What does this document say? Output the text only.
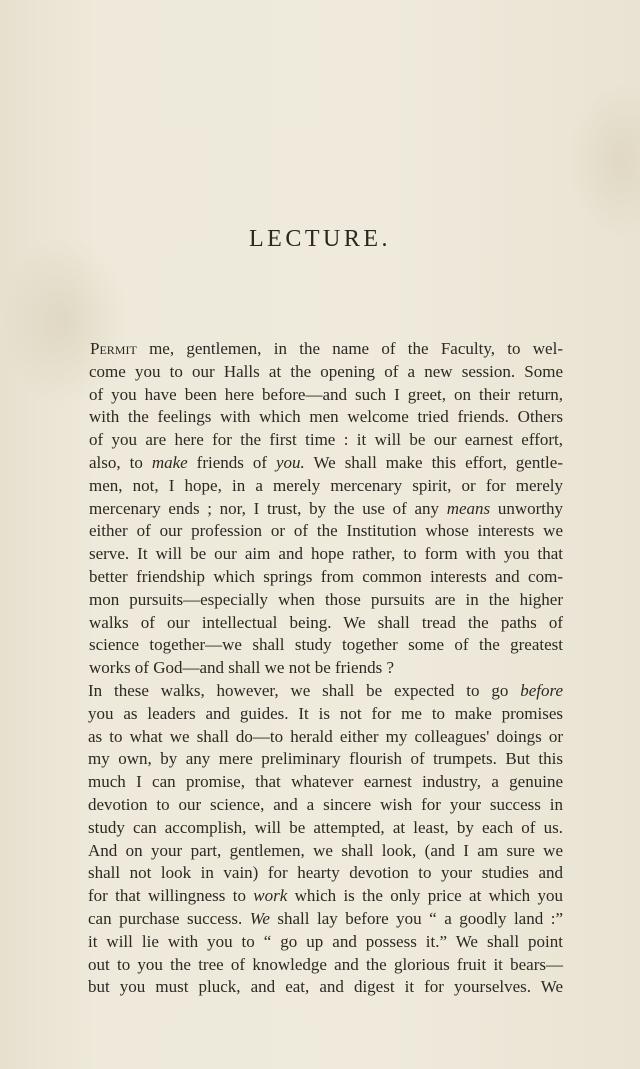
LECTURE.
Permit me, gentlemen, in the name of the Faculty, to wel-
come you to our Halls at the opening of a new session. Some
of you have been here before—and such I greet, on their return,
with the feelings with which men welcome tried friends. Others
of you are here for the first time : it will be our earnest effort,
also, to make friends of you. We shall make this effort, gentle-
men, not, I hope, in a merely mercenary spirit, or for merely
mercenary ends ; nor, I trust, by the use of any means unworthy
either of our profession or of the Institution whose interests we
serve. It will be our aim and hope rather, to form with you that
better friendship which springs from common interests and com-
mon pursuits—especially when those pursuits are in the higher
walks of our intellectual being. We shall tread the paths of
science together—we shall study together some of the greatest
works of God—and shall we not be friends ?
In these walks, however, we shall be expected to go before
you as leaders and guides. It is not for me to make promises
as to what we shall do—to herald either my colleagues' doings or
my own, by any mere preliminary flourish of trumpets. But this
much I can promise, that whatever earnest industry, a genuine
devotion to our science, and a sincere wish for your success in
study can accomplish, will be attempted, at least, by each of us.
And on your part, gentlemen, we shall look, (and I am sure we
shall not look in vain) for hearty devotion to your studies and
for that willingness to work which is the only price at which you
can purchase success. We shall lay before you “ a goodly land :”
it will lie with you to “ go up and possess it.” We shall point
out to you the tree of knowledge and the glorious fruit it bears—
but you must pluck, and eat, and digest it for yourselves. We
